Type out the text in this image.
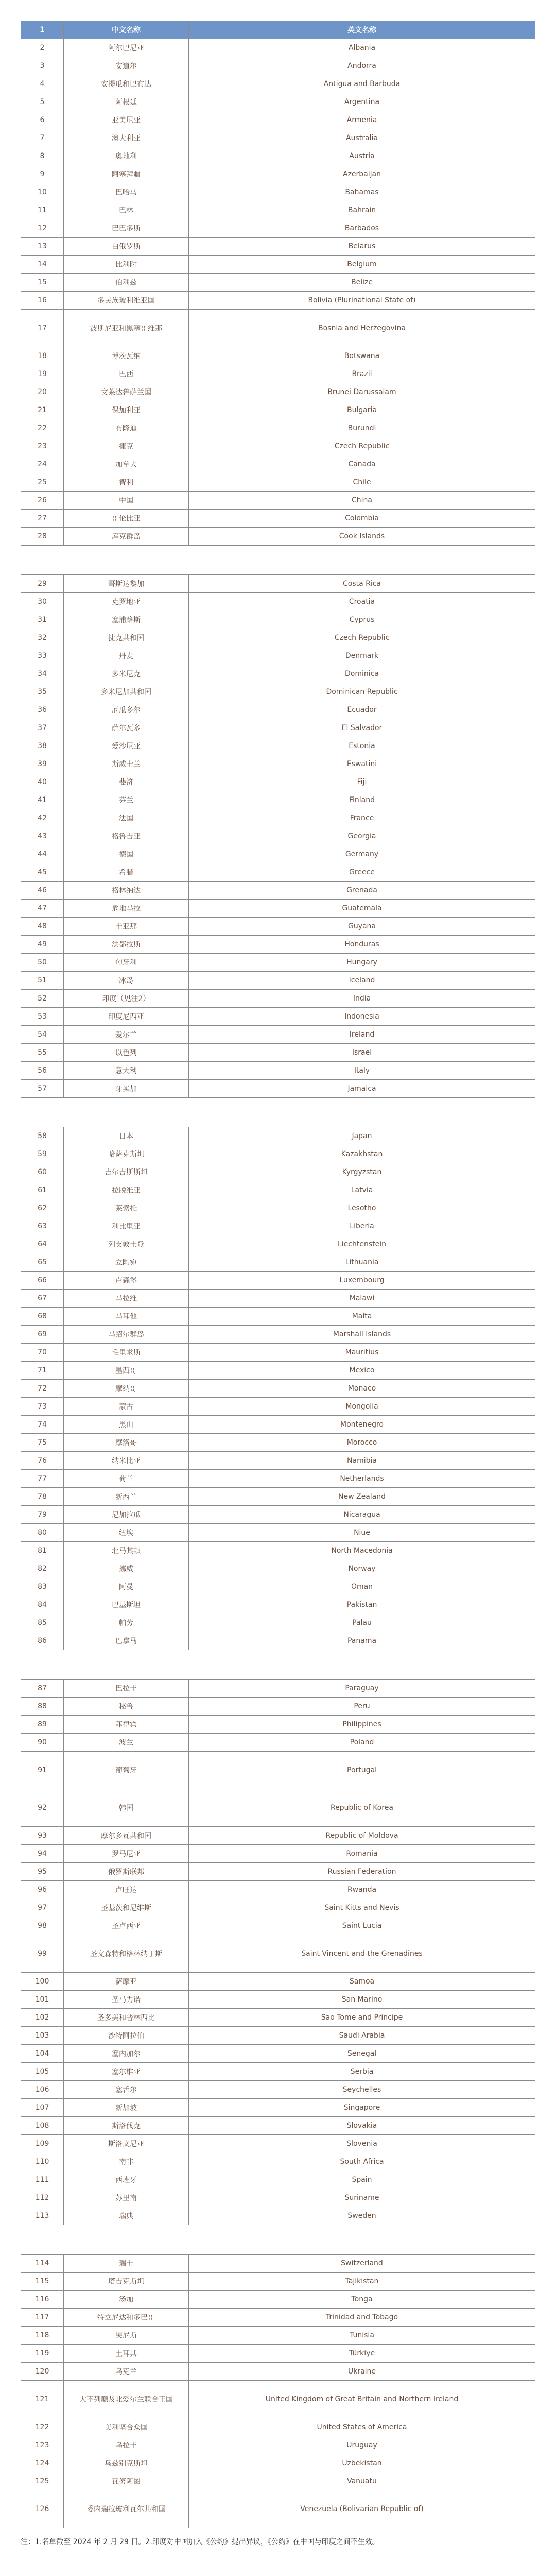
1	中文名称	英文名称
2	阿尔巴尼亚	Albania
3	安道尔	Andorra
4	安提瓜和巴布达	Antigua and Barbuda
5	阿根廷	Argentina
6	亚美尼亚	Armenia
7	澳大利亚	Australia
8	奥地利	Austria
9	阿塞拜疆	Azerbaijan
10	巴哈马	Bahamas
11	巴林	Bahrain
12	巴巴多斯	Barbados
13	白俄罗斯	Belarus
14	比利时	Belgium
15	伯利兹	Belize
16	多民族玻利维亚国	Bolivia (Plurinational State of)
17	波斯尼亚和黑塞哥维那	Bosnia and Herzegovina
18	博茨瓦纳	Botswana
19	巴西	Brazil
20	文莱达鲁萨兰国	Brunei Darussalam
21	保加利亚	Bulgaria
22	布隆迪	Burundi
23	捷克	Czech Republic
24	加拿大	Canada
25	智利	Chile
26	中国	China
27	哥伦比亚	Colombia
28	库克群岛	Cook Islands
29	哥斯达黎加	Costa Rica
30	克罗地亚	Croatia
31	塞浦路斯	Cyprus
32	捷克共和国	Czech Republic
33	丹麦	Denmark
34	多米尼克	Dominica
35	多米尼加共和国	Dominican Republic
36	厄瓜多尔	Ecuador
37	萨尔瓦多	El Salvador
38	爱沙尼亚	Estonia
39	斯威士兰	Eswatini
40	斐济	Fiji
41	芬兰	Finland
42	法国	France
43	格鲁吉亚	Georgia
44	德国	Germany
45	希腊	Greece
46	格林纳达	Grenada
47	危地马拉	Guatemala
48	圭亚那	Guyana
49	洪都拉斯	Honduras
50	匈牙利	Hungary
51	冰岛	Iceland
52	印度（见注2）	India
53	印度尼西亚	Indonesia
54	爱尔兰	Ireland
55	以色列	Israel
56	意大利	Italy
57	牙买加	Jamaica
58	日本	Japan
59	哈萨克斯坦	Kazakhstan
60	吉尔吉斯斯坦	Kyrgyzstan
61	拉脱维亚	Latvia
62	莱索托	Lesotho
63	利比里亚	Liberia
64	列支敦士登	Liechtenstein
65	立陶宛	Lithuania
66	卢森堡	Luxembourg
67	马拉维	Malawi
68	马耳他	Malta
69	马绍尔群岛	Marshall Islands
70	毛里求斯	Mauritius
71	墨西哥	Mexico
72	摩纳哥	Monaco
73	蒙古	Mongolia
74	黑山	Montenegro
75	摩洛哥	Morocco
76	纳米比亚	Namibia
77	荷兰	Netherlands
78	新西兰	New Zealand
79	尼加拉瓜	Nicaragua
80	纽埃	Niue
81	北马其顿	North Macedonia
82	挪威	Norway
83	阿曼	Oman
84	巴基斯坦	Pakistan
85	帕劳	Palau
86	巴拿马	Panama
87	巴拉圭	Paraguay
88	秘鲁	Peru
89	菲律宾	Philippines
90	波兰	Poland
91	葡萄牙	Portugal
92	韩国	Republic of Korea
93	摩尔多瓦共和国	Republic of Moldova
94	罗马尼亚	Romania
95	俄罗斯联邦	Russian Federation
96	卢旺达	Rwanda
97	圣基茨和尼维斯	Saint Kitts and Nevis
98	圣卢西亚	Saint Lucia
99	圣文森特和格林纳丁斯	Saint Vincent and the Grenadines
100	萨摩亚	Samoa
101	圣马力诺	San Marino
102	圣多美和普林西比	Sao Tome and Principe
103	沙特阿拉伯	Saudi Arabia
104	塞内加尔	Senegal
105	塞尔维亚	Serbia
106	塞舌尔	Seychelles
107	新加坡	Singapore
108	斯洛伐克	Slovakia
109	斯洛文尼亚	Slovenia
110	南非	South Africa
111	西班牙	Spain
112	苏里南	Suriname
113	瑞典	Sweden
114	瑞士	Switzerland
115	塔吉克斯坦	Tajikistan
116	汤加	Tonga
117	特立尼达和多巴哥	Trinidad and Tobago
118	突尼斯	Tunisia
119	土耳其	Türkiye
120	乌克兰	Ukraine
121	大不列颠及北爱尔兰联合王国	United Kingdom of Great Britain and Northern Ireland
122	美利坚合众国	United States of America
123	乌拉圭	Uruguay
124	乌兹别克斯坦	Uzbekistan
125	瓦努阿图	Vanuatu
126	委内瑞拉玻利瓦尔共和国	Venezuela (Bolivarian Republic of)
注：1.名单截至 2024 年 2 月 29 日。2.印度对中国加入《公约》提出异议，《公约》在中国与印度之间不生效。
